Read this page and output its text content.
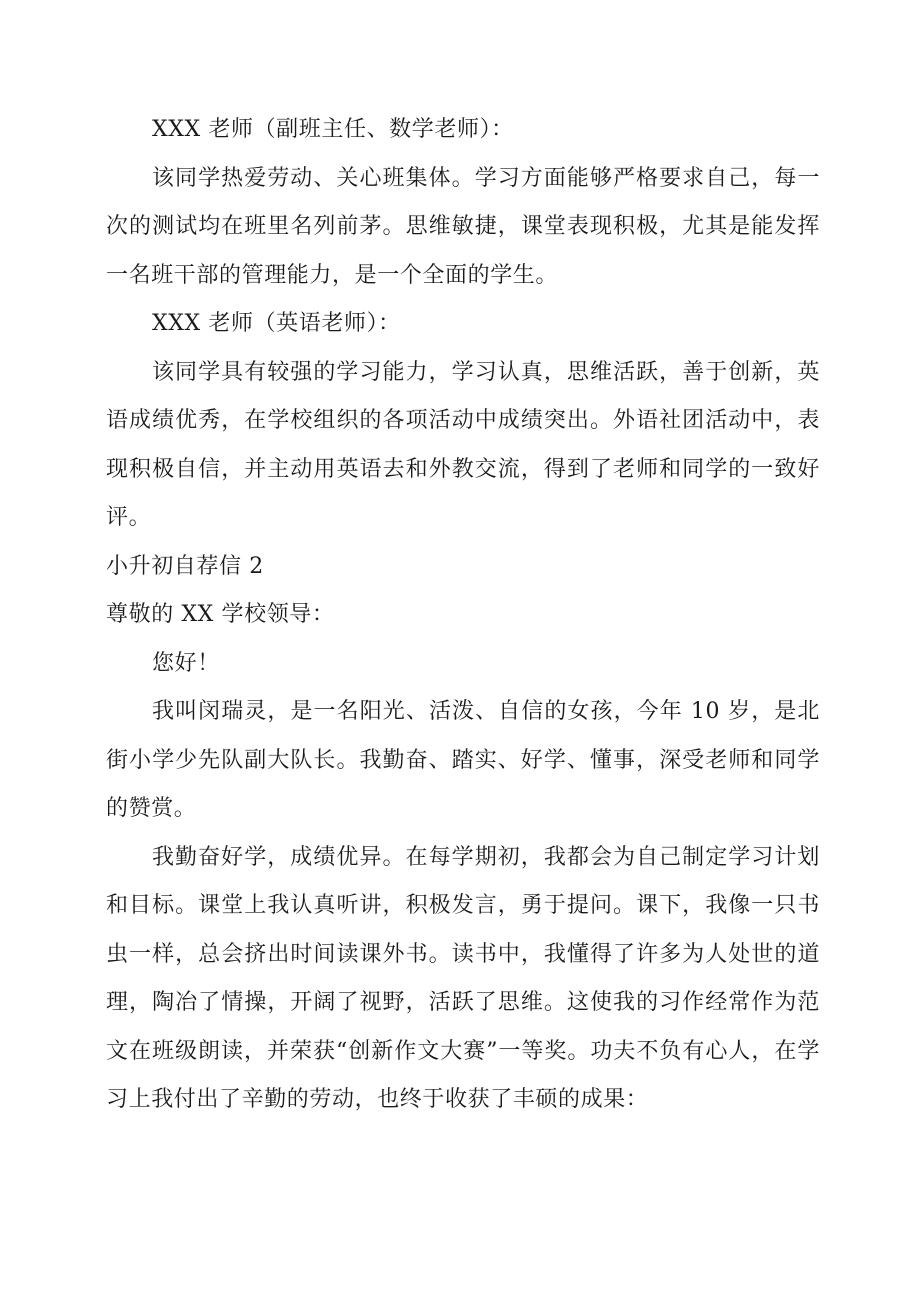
XXX 老师（副班主任、数学老师）：

该同学热爱劳动、关心班集体。学习方面能够严格要求自己，每一次的测试均在班里名列前茅。思维敏捷，课堂表现积极，尤其是能发挥一名班干部的管理能力，是一个全面的学生。

XXX 老师（英语老师）：

该同学具有较强的学习能力，学习认真，思维活跃，善于创新，英语成绩优秀，在学校组织的各项活动中成绩突出。外语社团活动中，表现积极自信，并主动用英语去和外教交流，得到了老师和同学的一致好评。

小升初自荐信 2

尊敬的 XX 学校领导：

您好！

我叫闵瑞灵，是一名阳光、活泼、自信的女孩，今年 10 岁，是北街小学少先队副大队长。我勤奋、踏实、好学、懂事，深受老师和同学的赞赏。

我勤奋好学，成绩优异。在每学期初，我都会为自己制定学习计划和目标。课堂上我认真听讲，积极发言，勇于提问。课下，我像一只书虫一样，总会挤出时间读课外书。读书中，我懂得了许多为人处世的道理，陶冶了情操，开阔了视野，活跃了思维。这使我的习作经常作为范文在班级朗读，并荣获“创新作文大赛”一等奖。功夫不负有心人，在学习上我付出了辛勤的劳动，也终于收获了丰硕的成果：
